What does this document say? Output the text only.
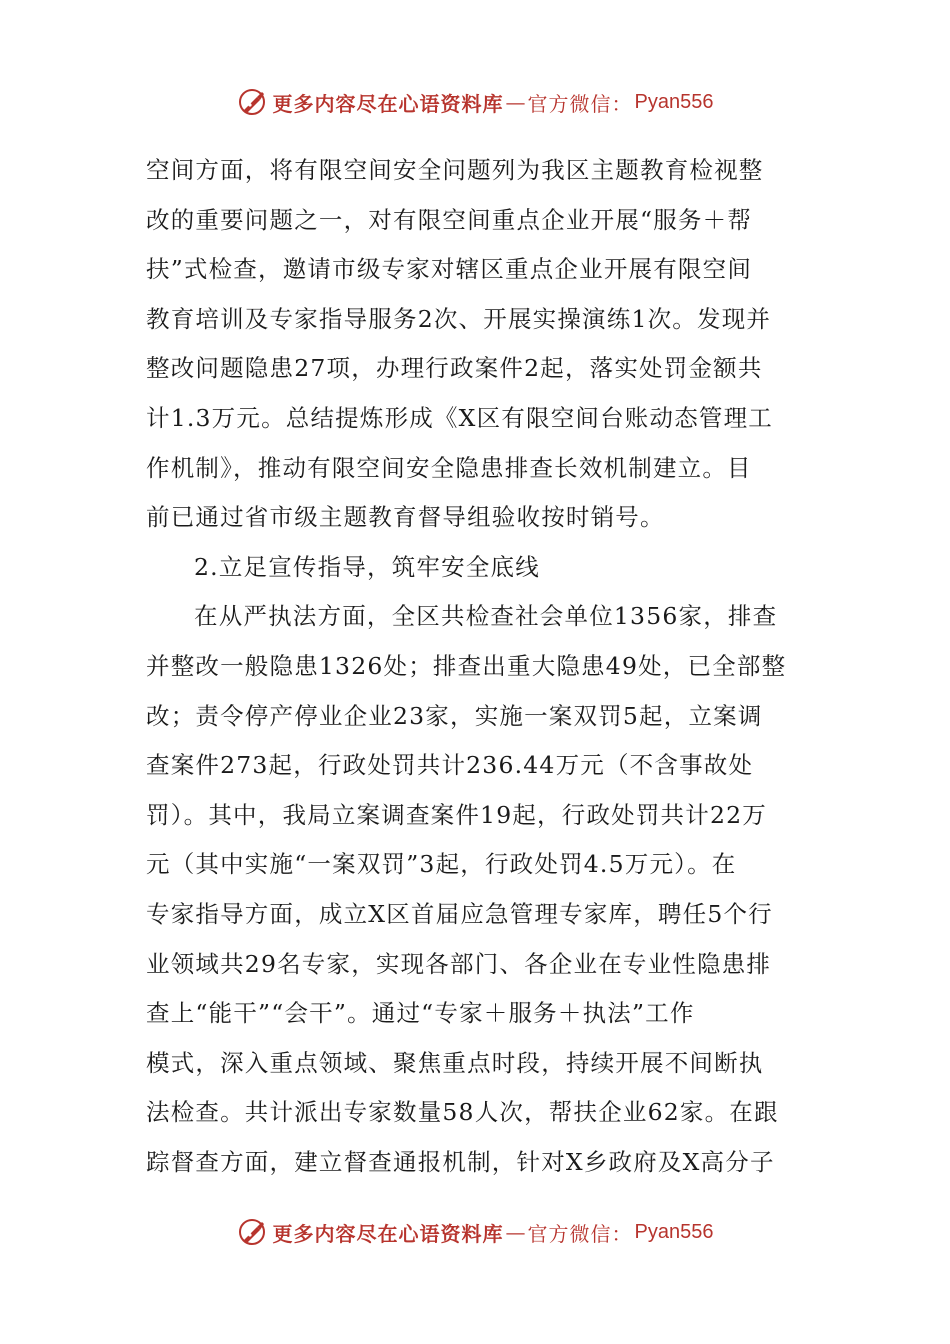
更多内容尽在心语资料库 — 官方微信： Pyan556
空间方面，将有限空间安全问题列为我区主题教育检视整
改的重要问题之一，对有限空间重点企业开展“服务＋帮
扶”式检查，邀请市级专家对辖区重点企业开展有限空间
教育培训及专家指导服务2次、开展实操演练1次。发现并
整改问题隐患27项，办理行政案件2起，落实处罚金额共
计1.3万元。总结提炼形成《X区有限空间台账动态管理工
作机制》，推动有限空间安全隐患排查长效机制建立。目
前已通过省市级主题教育督导组验收按时销号。
2.立足宣传指导，筑牢安全底线
在从严执法方面，全区共检查社会单位1356家，排查
并整改一般隐患1326处；排查出重大隐患49处，已全部整
改；责令停产停业企业23家，实施一案双罚5起，立案调
查案件273起，行政处罚共计236.44万元（不含事故处
罚）。其中，我局立案调查案件19起，行政处罚共计22万
元（其中实施“一案双罚”3起，行政处罚4.5万元）。在
专家指导方面，成立X区首届应急管理专家库，聘任5个行
业领域共29名专家，实现各部门、各企业在专业性隐患排
查上“能干”“会干”。通过“专家＋服务＋执法”工作
模式，深入重点领域、聚焦重点时段，持续开展不间断执
法检查。共计派出专家数量58人次，帮扶企业62家。在跟
踪督查方面，建立督查通报机制，针对X乡政府及X高分子
更多内容尽在心语资料库 — 官方微信： Pyan556
